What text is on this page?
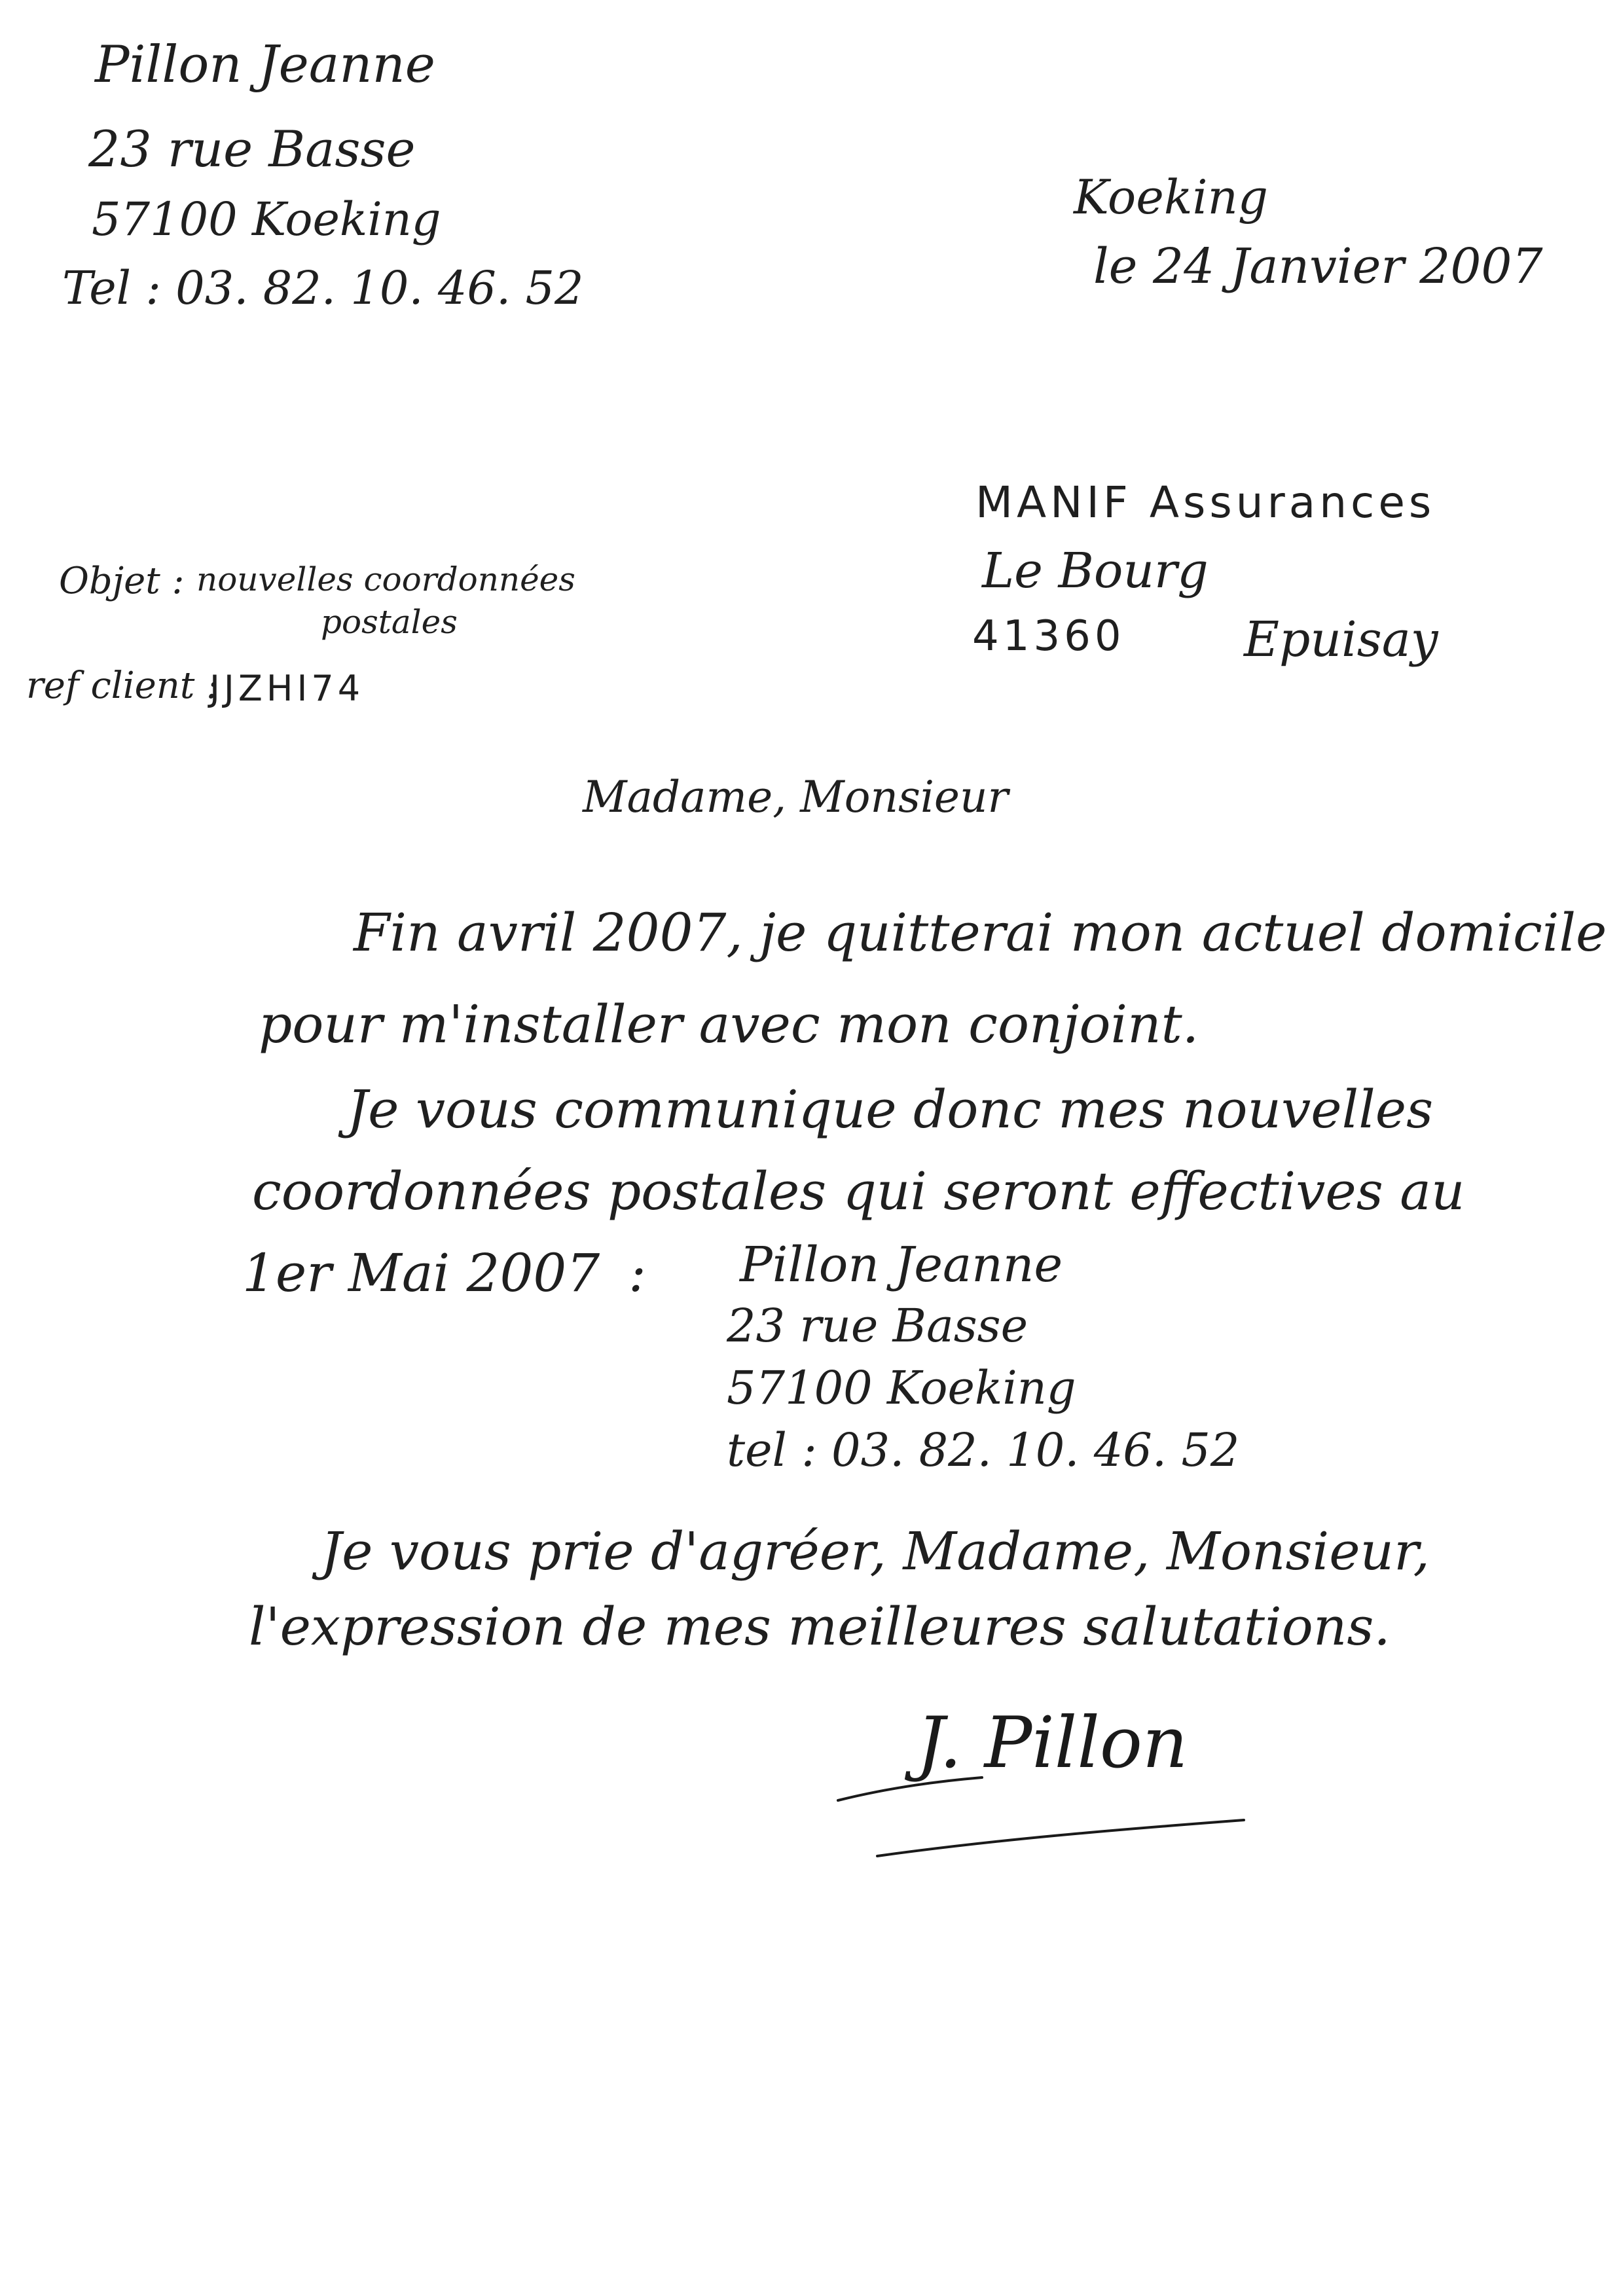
Pillon Jeanne
23 rue Basse
57100 Koeking
Tel : 03. 82. 10. 46. 52
Koeking
le 24 Janvier 2007
MANIF Assurances
Le Bourg
41360 Epuisay
Objet : nouvelles coordonnées
postales
ref client :
JJZHI74
Madame, Monsieur
Fin avril 2007, je quitterai mon actuel domicile
pour m'installer avec mon conjoint.
Je vous communique donc mes nouvelles
coordonnées postales qui seront effectives au
1er Mai 2007 : Pillon Jeanne
23 rue Basse
57100 Koeking
tel : 03. 82. 10. 46. 52
Je vous prie d'agréer, Madame, Monsieur,
l'expression de mes meilleures salutations.
J. Pillon
